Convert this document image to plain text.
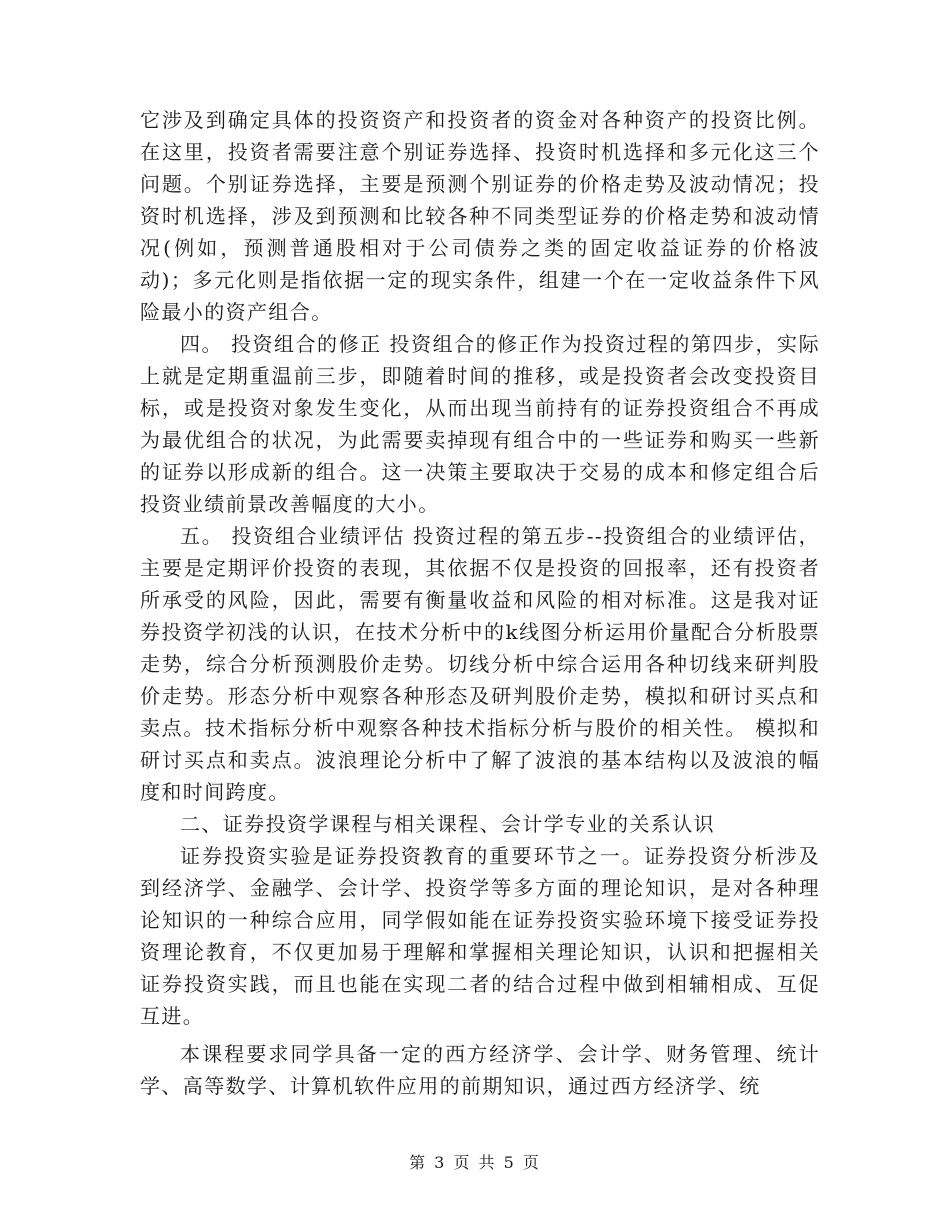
它涉及到确定具体的投资资产和投资者的资金对各种资产的投资比例。在这里，投资者需要注意个别证券选择、投资时机选择和多元化这三个问题。个别证券选择，主要是预测个别证券的价格走势及波动情况；投资时机选择，涉及到预测和比较各种不同类型证券的价格走势和波动情况(例如，预测普通股相对于公司债券之类的固定收益证券的价格波动)；多元化则是指依据一定的现实条件，组建一个在一定收益条件下风险最小的资产组合。

四。 投资组合的修正 投资组合的修正作为投资过程的第四步，实际上就是定期重温前三步，即随着时间的推移，或是投资者会改变投资目标，或是投资对象发生变化，从而出现当前持有的证券投资组合不再成为最优组合的状况，为此需要卖掉现有组合中的一些证券和购买一些新的证券以形成新的组合。这一决策主要取决于交易的成本和修定组合后投资业绩前景改善幅度的大小。

五。 投资组合业绩评估 投资过程的第五步--投资组合的业绩评估，主要是定期评价投资的表现，其依据不仅是投资的回报率，还有投资者所承受的风险，因此，需要有衡量收益和风险的相对标准。这是我对证券投资学初浅的认识，在技术分析中的k线图分析运用价量配合分析股票走势，综合分析预测股价走势。切线分析中综合运用各种切线来研判股价走势。形态分析中观察各种形态及研判股价走势，模拟和研讨买点和卖点。技术指标分析中观察各种技术指标分析与股价的相关性。 模拟和研讨买点和卖点。波浪理论分析中了解了波浪的基本结构以及波浪的幅度和时间跨度。

二、证券投资学课程与相关课程、会计学专业的关系认识

证券投资实验是证券投资教育的重要环节之一。证券投资分析涉及到经济学、金融学、会计学、投资学等多方面的理论知识，是对各种理论知识的一种综合应用，同学假如能在证券投资实验环境下接受证券投资理论教育，不仅更加易于理解和掌握相关理论知识，认识和把握相关证券投资实践，而且也能在实现二者的结合过程中做到相辅相成、互促互进。

本课程要求同学具备一定的西方经济学、会计学、财务管理、统计学、高等数学、计算机软件应用的前期知识，通过西方经济学、统

第 3 页 共 5 页
